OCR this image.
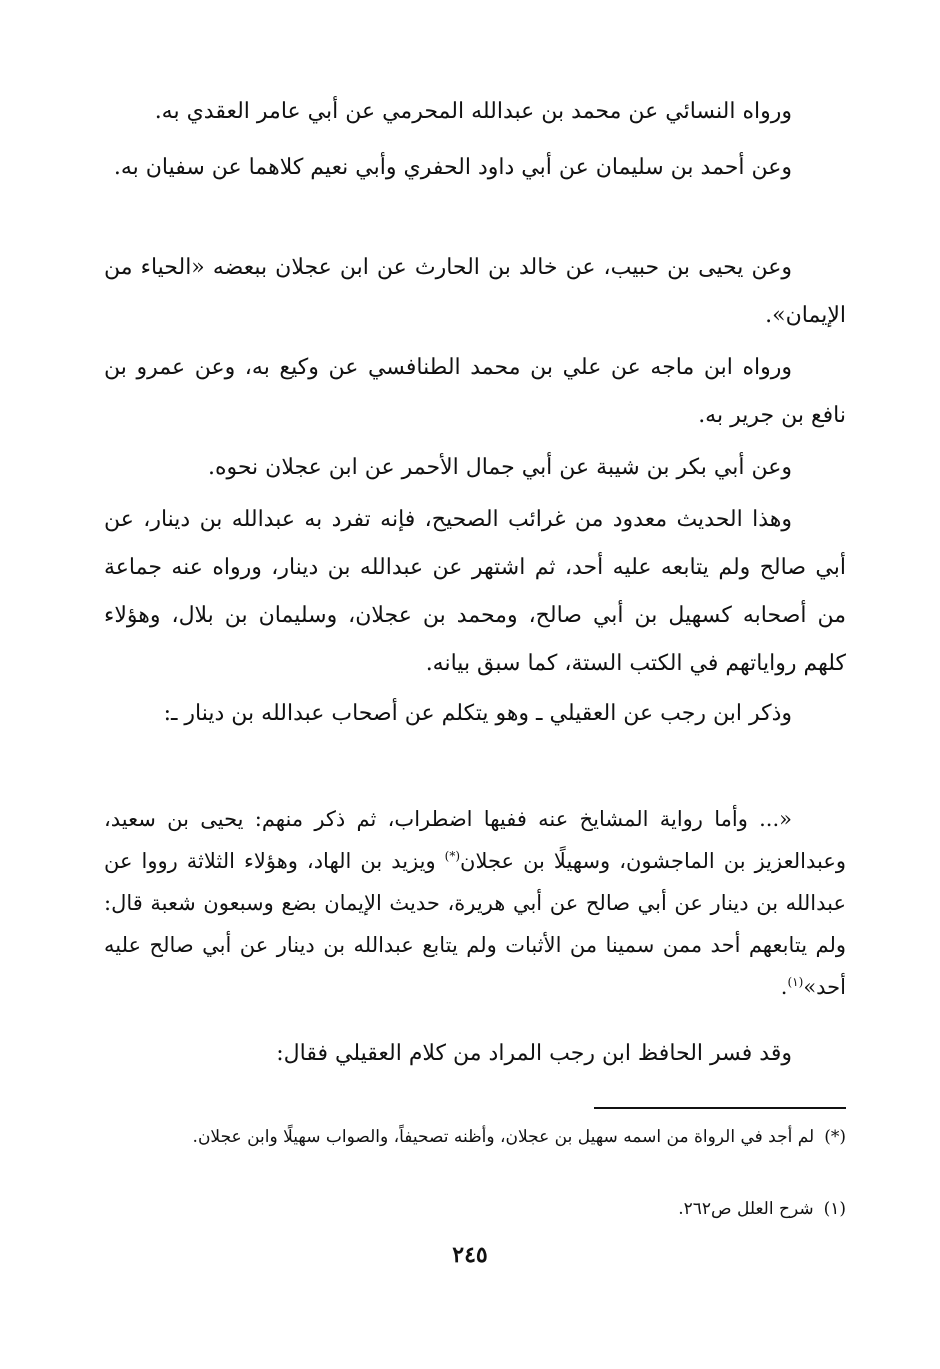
ورواه النسائي عن محمد بن عبدالله المحرمي عن أبي عامر العقدي به.

وعن أحمد بن سليمان عن أبي داود الحفري وأبي نعيم كلاهما عن سفيان به.

وعن يحيى بن حبيب، عن خالد بن الحارث عن ابن عجلان ببعضه «الحياء من الإيمان».

ورواه ابن ماجه عن علي بن محمد الطنافسي عن وكيع به، وعن عمرو بن نافع بن جرير به.

وعن أبي بكر بن شيبة عن أبي جمال الأحمر عن ابن عجلان نحوه.

وهذا الحديث معدود من غرائب الصحيح، فإنه تفرد به عبدالله بن دينار، عن أبي صالح ولم يتابعه عليه أحد، ثم اشتهر عن عبدالله بن دينار، ورواه عنه جماعة من أصحابه كسهيل بن أبي صالح، ومحمد بن عجلان، وسليمان بن بلال، وهؤلاء كلهم رواياتهم في الكتب الستة، كما سبق بيانه.

وذكر ابن رجب عن العقيلي ـ وهو يتكلم عن أصحاب عبدالله بن دينار ـ:

«... وأما رواية المشايخ عنه ففيها اضطراب، ثم ذكر منهم: يحيى بن سعيد، وعبدالعزيز بن الماجشون، وسهيلًا بن عجلان(*) ويزيد بن الهاد، وهؤلاء الثلاثة رووا عن عبدالله بن دينار عن أبي صالح عن أبي هريرة، حديث الإيمان بضع وسبعون شعبة قال: ولم يتابعهم أحد ممن سمينا من الأثبات ولم يتابع عبدالله بن دينار عن أبي صالح عليه أحد»$^{(١)}$.

وقد فسر الحافظ ابن رجب المراد من كلام العقيلي فقال:

(*)لم أجد في الرواة من اسمه سهيل بن عجلان، وأظنه تصحيفاً، والصواب سهيلًا وابن عجلان.

(١)شرح العلل ص٢٦٢.

٢٤٥
